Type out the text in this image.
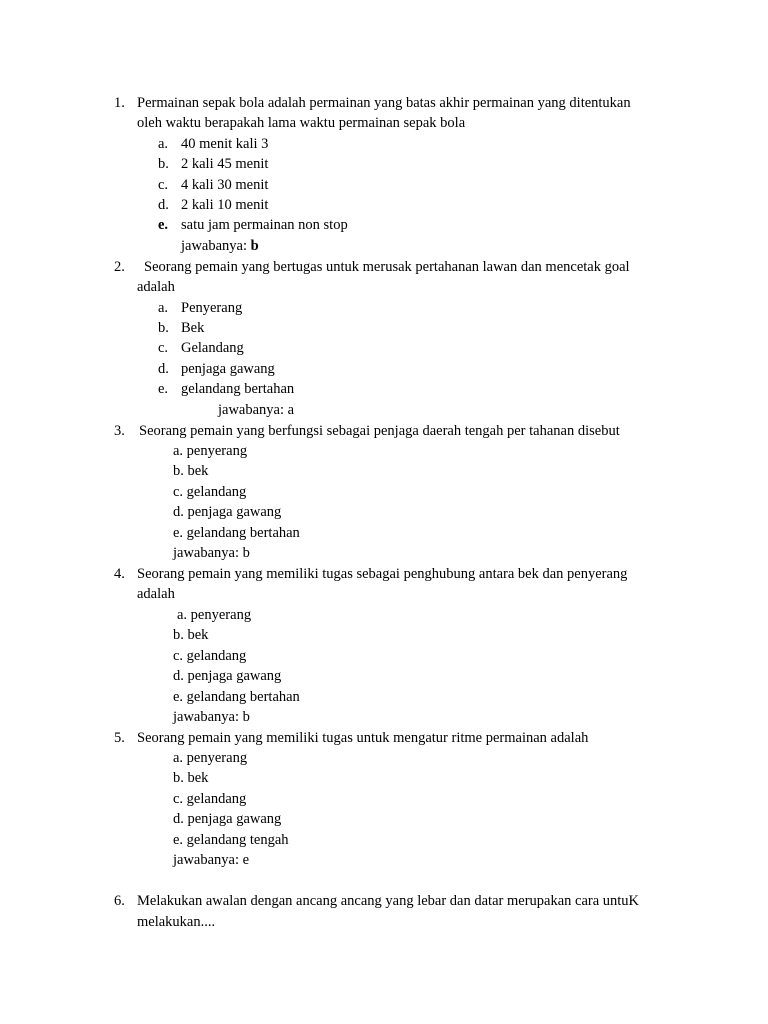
1. Permainan sepak bola adalah permainan yang batas akhir permainan yang ditentukan
oleh waktu berapakah lama waktu permainan sepak bola
a. 40 menit kali 3
b. 2 kali 45 menit
c. 4 kali 30 menit
d. 2 kali 10 menit
e. satu jam permainan non stop
jawabanya: b
2. Seorang pemain yang bertugas untuk merusak pertahanan lawan dan mencetak goal
adalah
a. Penyerang
b. Bek
c. Gelandang
d. penjaga gawang
e. gelandang bertahan
jawabanya: a
3. Seorang pemain yang berfungsi sebagai penjaga daerah tengah per tahanan disebut
a. penyerang
b. bek
c. gelandang
d. penjaga gawang
e. gelandang bertahan
jawabanya: b
4. Seorang pemain yang memiliki tugas sebagai penghubung antara bek dan penyerang
adalah
a. penyerang
b. bek
c. gelandang
d. penjaga gawang
e. gelandang bertahan
jawabanya: b
5. Seorang pemain yang memiliki tugas untuk mengatur ritme permainan adalah
a. penyerang
b. bek
c. gelandang
d. penjaga gawang
e. gelandang tengah
jawabanya: e
6. Melakukan awalan dengan ancang ancang yang lebar dan datar merupakan cara untuK
melakukan....
